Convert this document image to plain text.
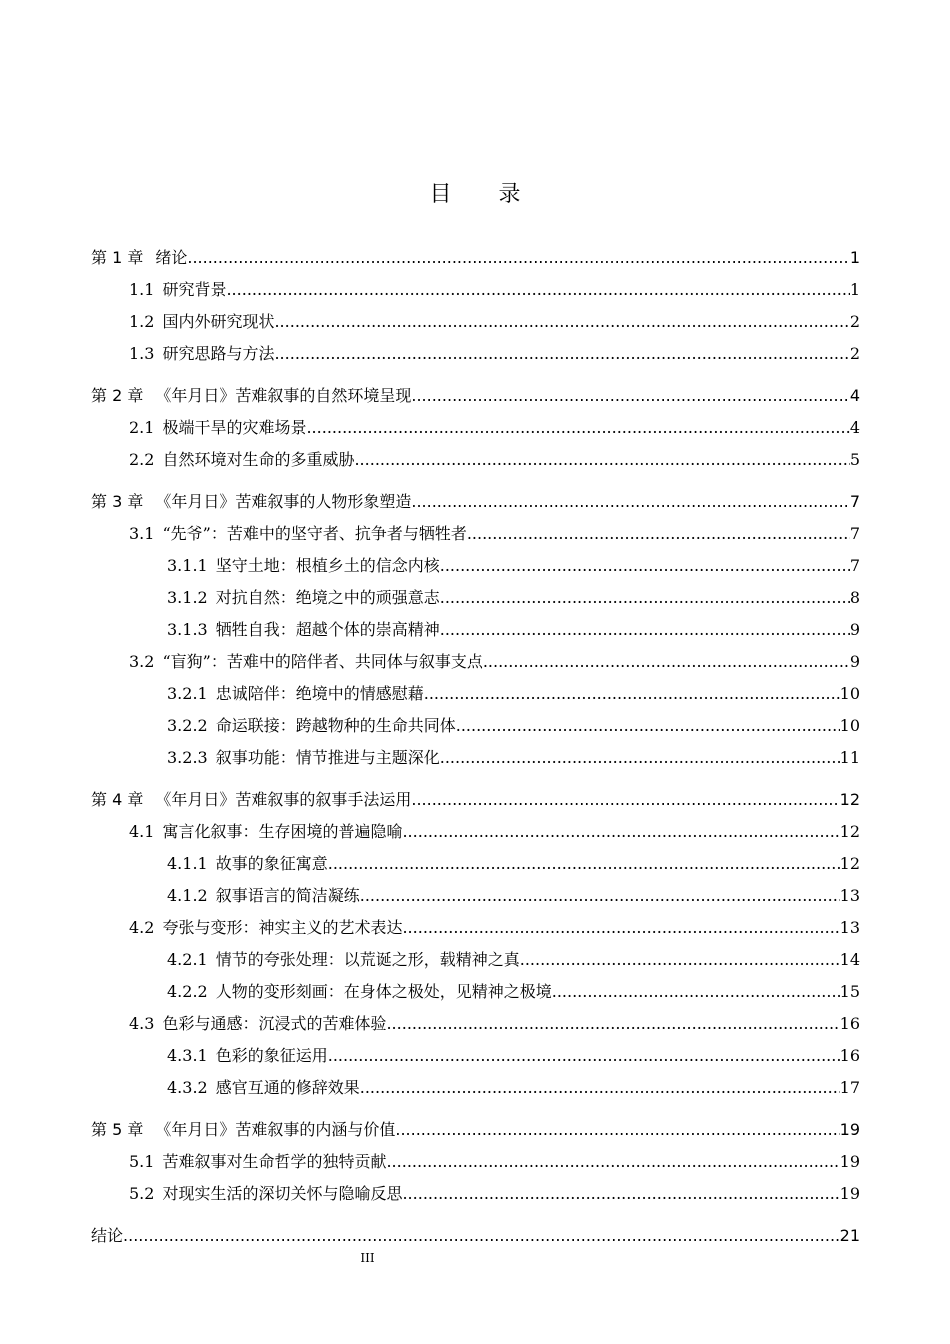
目 录
第 1 章 绪论 .....	1
1.1 研究背景 .....	1
1.2 国内外研究现状 .....	2
1.3 研究思路与方法 .....	2
第 2 章 《年月日》苦难叙事的自然环境呈现 .....	4
2.1 极端干旱的灾难场景 .....	4
2.2 自然环境对生命的多重威胁 .....	5
第 3 章 《年月日》苦难叙事的人物形象塑造 .....	7
3.1 “先爷”：苦难中的坚守者、抗争者与牺牲者 .....	7
3.1.1 坚守土地：根植乡土的信念内核 .....	7
3.1.2 对抗自然：绝境之中的顽强意志 .....	8
3.1.3 牺牲自我：超越个体的崇高精神 .....	9
3.2 “盲狗”：苦难中的陪伴者、共同体与叙事支点 .....	9
3.2.1 忠诚陪伴：绝境中的情感慰藉 .....	10
3.2.2 命运联接：跨越物种的生命共同体 .....	10
3.2.3 叙事功能：情节推进与主题深化 .....	11
第 4 章 《年月日》苦难叙事的叙事手法运用 .....	12
4.1 寓言化叙事：生存困境的普遍隐喻 .....	12
4.1.1 故事的象征寓意 .....	12
4.1.2 叙事语言的简洁凝练 .....	13
4.2 夸张与变形：神实主义的艺术表达 .....	13
4.2.1 情节的夸张处理：以荒诞之形，载精神之真 .....	14
4.2.2 人物的变形刻画：在身体之极处，见精神之极境 .....	15
4.3 色彩与通感：沉浸式的苦难体验 .....	16
4.3.1 色彩的象征运用 .....	16
4.3.2 感官互通的修辞效果 .....	17
第 5 章 《年月日》苦难叙事的内涵与价值 .....	19
5.1 苦难叙事对生命哲学的独特贡献 .....	19
5.2 对现实生活的深切关怀与隐喻反思 .....	19
结论 .....	21
III
